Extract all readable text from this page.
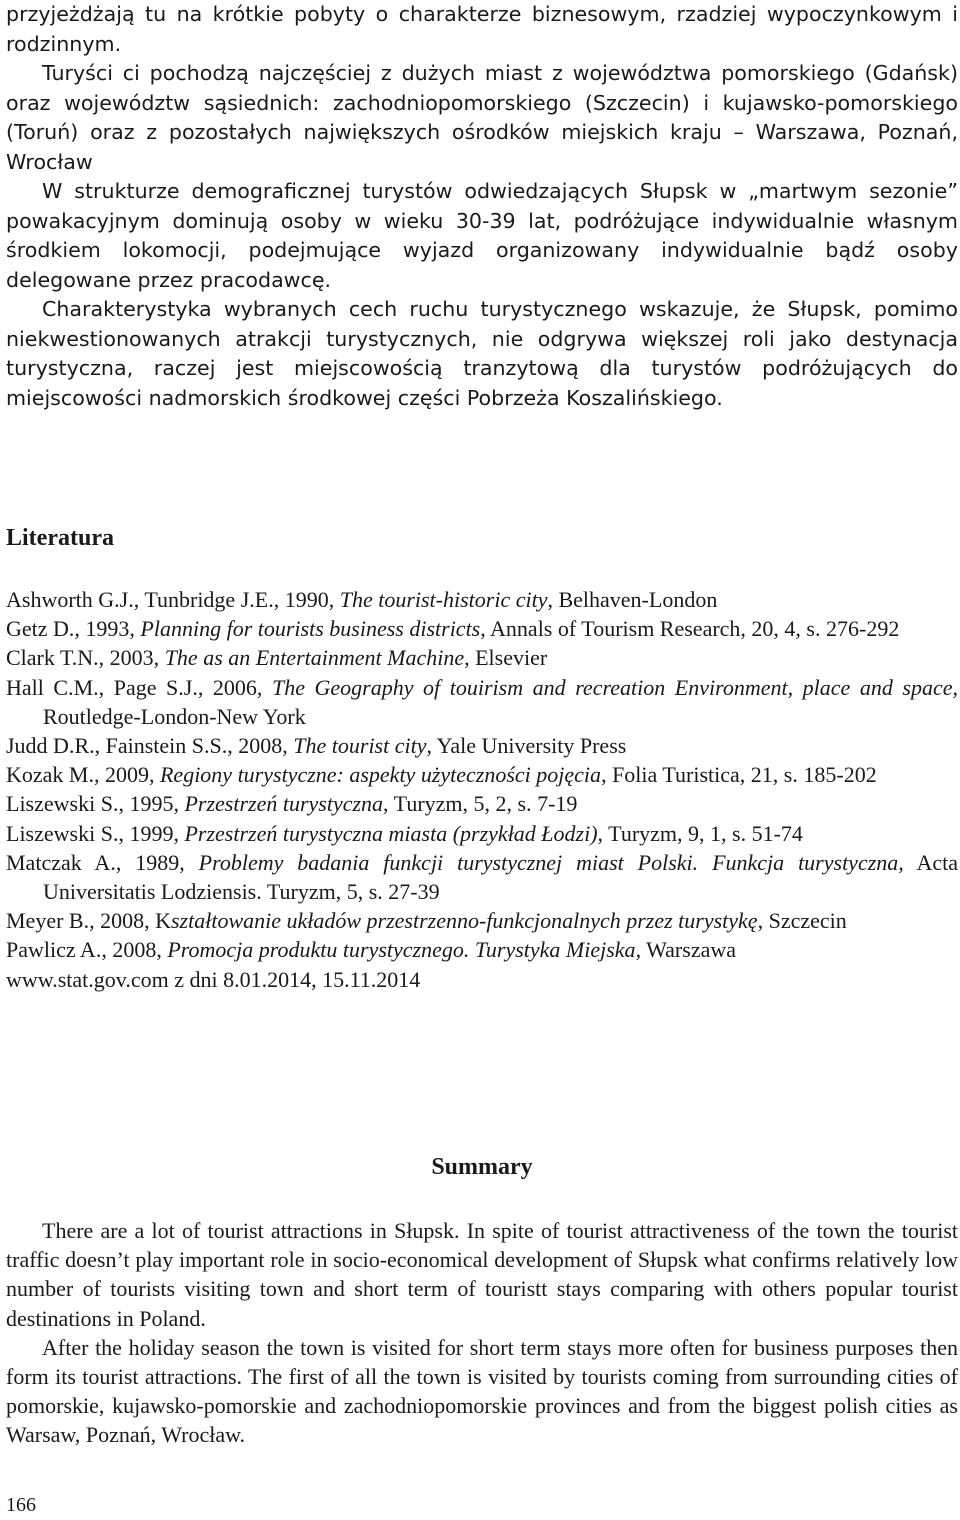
przyjeżdżają tu na krótkie pobyty o charakterze biznesowym, rzadziej wypoczynkowym i rodzinnym.

Turyści ci pochodzą najczęściej z dużych miast z województwa pomorskiego (Gdańsk) oraz województw sąsiednich: zachodniopomorskiego (Szczecin) i kujawsko-pomorskiego (Toruń) oraz z pozostałych największych ośrodków miejskich kraju – Warszawa, Poznań, Wrocław

W strukturze demograficznej turystów odwiedzających Słupsk w „martwym sezonie” powakacyjnym dominują osoby w wieku 30-39 lat, podróżujące indywidualnie własnym środkiem lokomocji, podejmujące wyjazd organizowany indywidualnie bądź osoby delegowane przez pracodawcę.

Charakterystyka wybranych cech ruchu turystycznego wskazuje, że Słupsk, pomimo niekwestionowanych atrakcji turystycznych, nie odgrywa większej roli jako destynacja turystyczna, raczej jest miejscowością tranzytową dla turystów podróżujących do miejscowości nadmorskich środkowej części Pobrzeża Koszalińskiego.

Literatura
Ashworth G.J., Tunbridge J.E., 1990, The tourist-historic city, Belhaven-London
Getz D., 1993, Planning for tourists business districts, Annals of Tourism Research, 20, 4, s. 276-292
Clark T.N., 2003, The as an Entertainment Machine, Elsevier
Hall C.M., Page S.J., 2006, The Geography of touirism and recreation Environment, place and space, Routledge-London-New York
Judd D.R., Fainstein S.S., 2008, The tourist city, Yale University Press
Kozak M., 2009, Regiony turystyczne: aspekty użyteczności pojęcia, Folia Turistica, 21, s. 185-202
Liszewski S., 1995, Przestrzeń turystyczna, Turyzm, 5, 2, s. 7-19
Liszewski S., 1999, Przestrzeń turystyczna miasta (przykład Łodzi), Turyzm, 9, 1, s. 51-74
Matczak A., 1989, Problemy badania funkcji turystycznej miast Polski. Funkcja turystyczna, Acta Universitatis Lodziensis. Turyzm, 5, s. 27-39
Meyer B., 2008, Kształtowanie układów przestrzenno-funkcjonalnych przez turystykę, Szczecin
Pawlicz A., 2008, Promocja produktu turystycznego. Turystyka Miejska, Warszawa
www.stat.gov.com z dni 8.01.2014, 15.11.2014
Summary

There are a lot of tourist attractions in Słupsk. In spite of tourist attractiveness of the town the tourist traffic doesn’t play important role in socio-economical development of Słupsk what confirms relatively low number of tourists visiting town and short term of touristt stays comparing with others popular tourist destinations in Poland.

After the holiday season the town is visited for short term stays more often for business purposes then form its tourist attractions. The first of all the town is visited by tourists coming from surrounding cities of pomorskie, kujawsko-pomorskie and zachodniopomorskie provinces and from the biggest polish cities as Warsaw, Poznań, Wrocław.

166
